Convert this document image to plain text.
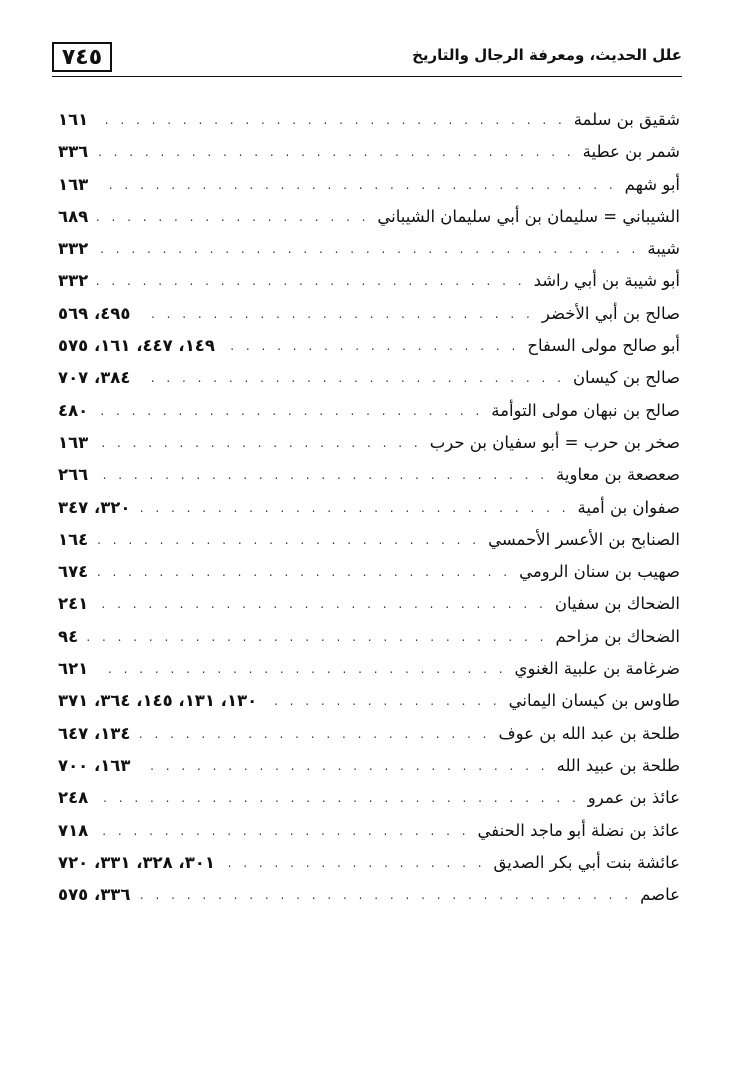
٧٤٥	علل الحديث، ومعرفة الرجال والتاريخ
شقيق بن سلمة
. . .
١٦١
شمر بن عطية
. . .
٣٣٦
أبو شهم
. . .
١٦٣
الشيباني = سليمان بن أبي سليمان الشيباني
. . .
٦٨٩
شيبة
. . .
٣٣٢
أبو شيبة بن أبي راشد
. . .
٣٣٢
صالح بن أبي الأخضر
. . .
٤٩٥، ٥٦٩
أبو صالح مولى السفاح
. . .
١٤٩، ٤٤٧، ١٦١، ٥٧٥
صالح بن كيسان
. . .
٣٨٤، ٧٠٧
صالح بن نبهان مولى التوأمة
. . .
٤٨٠
صخر بن حرب = أبو سفيان بن حرب
. . .
١٦٣
صعصعة بن معاوية
. . .
٢٦٦
صفوان بن أمية
. . .
٣٢٠، ٣٤٧
الصنابح بن الأعسر الأحمسي
. . .
١٦٤
صهيب بن سنان الرومي
. . .
٦٧٤
الضحاك بن سفيان
. . .
٢٤١
الضحاك بن مزاحم
. . .
٩٤
ضرغامة بن علبية الغنوي
. . .
٦٢١
طاوس بن كيسان اليماني
. . .
١٣٠، ١٣١، ١٤٥، ٣٦٤، ٣٧١
طلحة بن عبد الله بن عوف
. . .
١٣٤، ٦٤٧
طلحة بن عبيد الله
. . .
١٦٣، ٧٠٠
عائذ بن عمرو
. . .
٢٤٨
عائذ بن نضلة أبو ماجد الحنفي
. . .
٧١٨
عائشة بنت أبي بكر الصديق
. . .
٣٠١، ٣٢٨، ٣٣١، ٧٢٠
عاصم
. . .
٣٣٦، ٥٧٥
